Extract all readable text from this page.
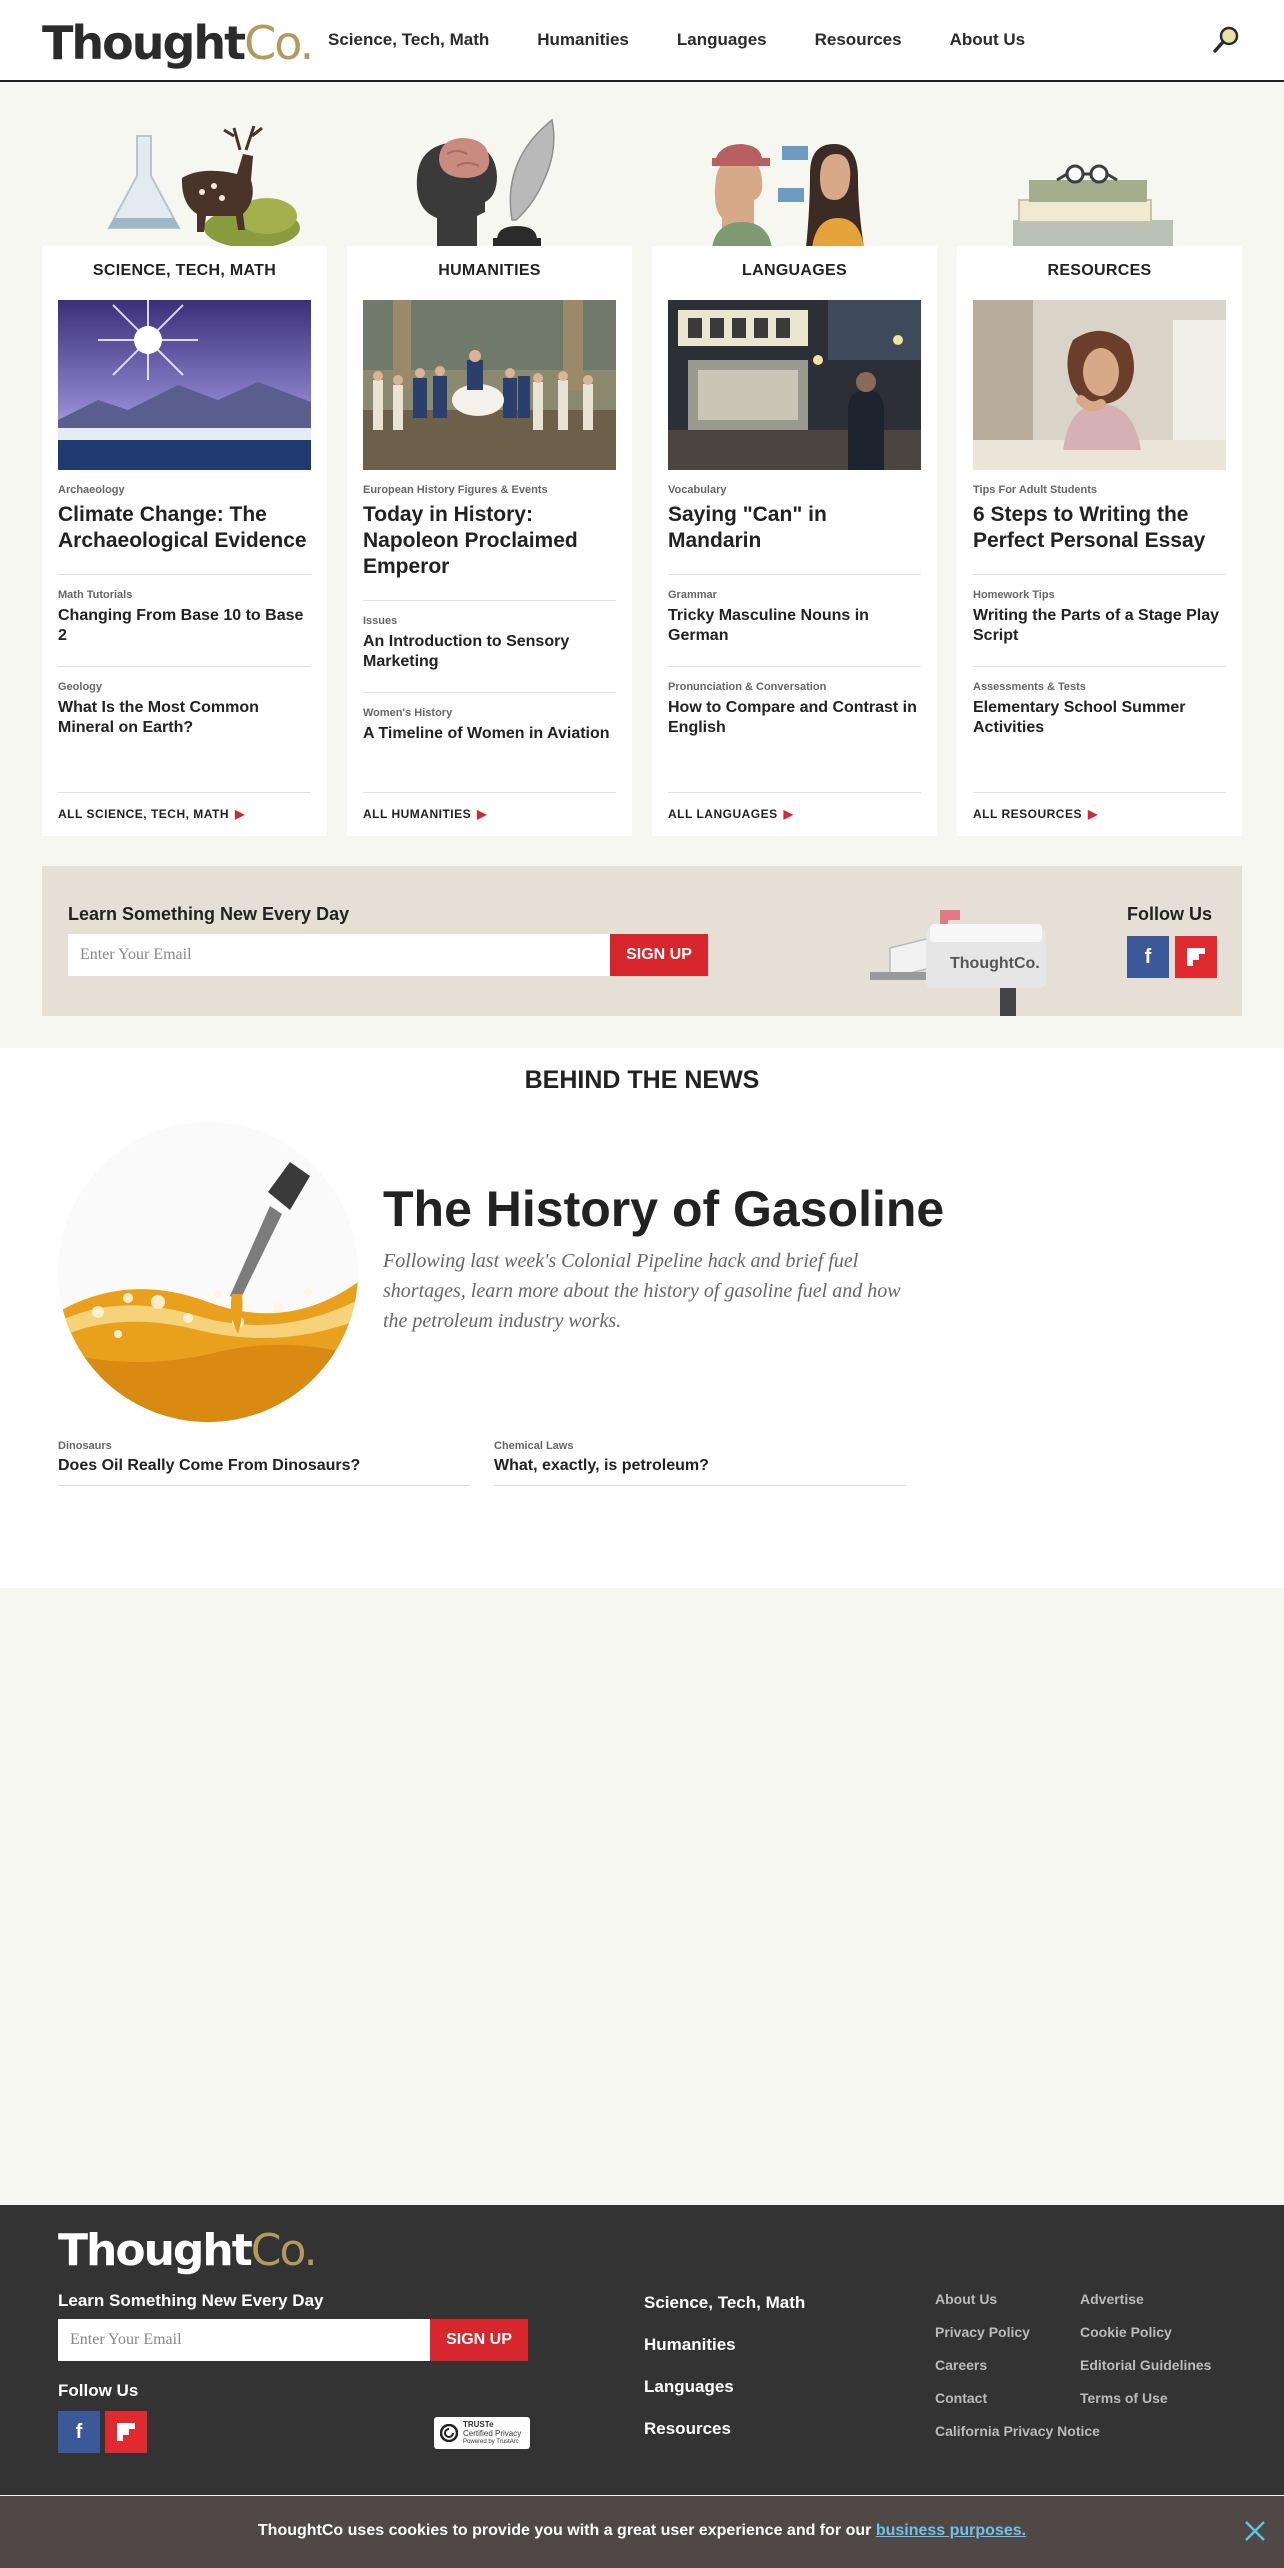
ThoughtCo. Science, Tech, Math	Humanities	Languages	Resources	About Us
SCIENCE, TECH, MATH
Archaeology
Climate Change: The Archaeological Evidence
Math Tutorials
Changing From Base 10 to Base 2
Geology
What Is the Most Common Mineral on Earth?
ALL SCIENCE, TECH, MATH ▶
HUMANITIES
European History Figures & Events
Today in History: Napoleon Proclaimed Emperor
Issues
An Introduction to Sensory Marketing
Women's History
A Timeline of Women in Aviation
ALL HUMANITIES ▶
LANGUAGES
Vocabulary
Saying "Can" in Mandarin
Grammar
Tricky Masculine Nouns in German
Pronunciation & Conversation
How to Compare and Contrast in English
ALL LANGUAGES ▶
RESOURCES
Tips For Adult Students
6 Steps to Writing the Perfect Personal Essay
Homework Tips
Writing the Parts of a Stage Play Script
Assessments & Tests
Elementary School Summer Activities
ALL RESOURCES ▶
Learn Something New Every Day
Enter Your Email	SIGN UP
ThoughtCo.
Follow Us
f
BEHIND THE NEWS
The History of Gasoline
Following last week's Colonial Pipeline hack and brief fuel shortages, learn more about the history of gasoline fuel and how the petroleum industry works.
Dinosaurs
Does Oil Really Come From Dinosaurs?
Chemical Laws
What, exactly, is petroleum?
ThoughtCo.
Learn Something New Every Day
Enter Your Email	SIGN UP
Follow Us
f	TRUSTe
Certified Privacy
Powered by TrustArc
Science, Tech, Math
Humanities
Languages
Resources
About Us
Privacy Policy
Careers
Contact
California Privacy Notice
Advertise
Cookie Policy
Editorial Guidelines
Terms of Use
ThoughtCo uses cookies to provide you with a great user experience and for our business purposes.
